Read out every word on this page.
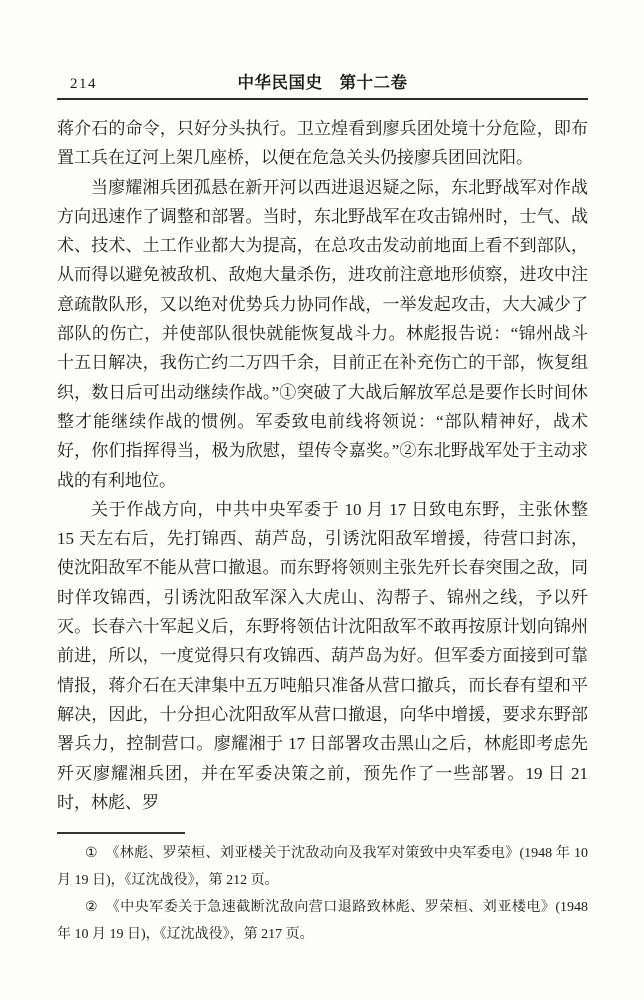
214	中华民国史　第十二卷

蒋介石的命令，只好分头执行。卫立煌看到廖兵团处境十分危险，即布置工兵在辽河上架几座桥，以便在危急关头仍接廖兵团回沈阳。

当廖耀湘兵团孤悬在新开河以西进退迟疑之际，东北野战军对作战方向迅速作了调整和部署。当时，东北野战军在攻击锦州时，士气、战术、技术、土工作业都大为提高，在总攻击发动前地面上看不到部队，从而得以避免被敌机、敌炮大量杀伤，进攻前注意地形侦察，进攻中注意疏散队形，又以绝对优势兵力协同作战，一举发起攻击，大大减少了部队的伤亡，并使部队很快就能恢复战斗力。林彪报告说：“锦州战斗十五日解决，我伤亡约二万四千余，目前正在补充伤亡的干部，恢复组织，数日后可出动继续作战。”①突破了大战后解放军总是要作长时间休整才能继续作战的惯例。军委致电前线将领说：“部队精神好，战术好，你们指挥得当，极为欣慰，望传令嘉奖。”②东北野战军处于主动求战的有利地位。

关于作战方向，中共中央军委于 10 月 17 日致电东野，主张休整 15 天左右后，先打锦西、葫芦岛，引诱沈阳敌军增援，待营口封冻，使沈阳敌军不能从营口撤退。而东野将领则主张先歼长春突围之敌，同时佯攻锦西，引诱沈阳敌军深入大虎山、沟帮子、锦州之线，予以歼灭。长春六十军起义后，东野将领估计沈阳敌军不敢再按原计划向锦州前进，所以，一度觉得只有攻锦西、葫芦岛为好。但军委方面接到可靠情报，蒋介石在天津集中五万吨船只准备从营口撤兵，而长春有望和平解决，因此，十分担心沈阳敌军从营口撤退，向华中增援，要求东野部署兵力，控制营口。廖耀湘于 17 日部署攻击黑山之后，林彪即考虑先歼灭廖耀湘兵团，并在军委决策之前，预先作了一些部署。19 日 21 时，林彪、罗

① 《林彪、罗荣桓、刘亚楼关于沈敌动向及我军对策致中央军委电》(1948 年 10 月 19 日)，《辽沈战役》，第 212 页。

② 《中央军委关于急速截断沈敌向营口退路致林彪、罗荣桓、刘亚楼电》(1948 年 10 月 19 日)，《辽沈战役》，第 217 页。
